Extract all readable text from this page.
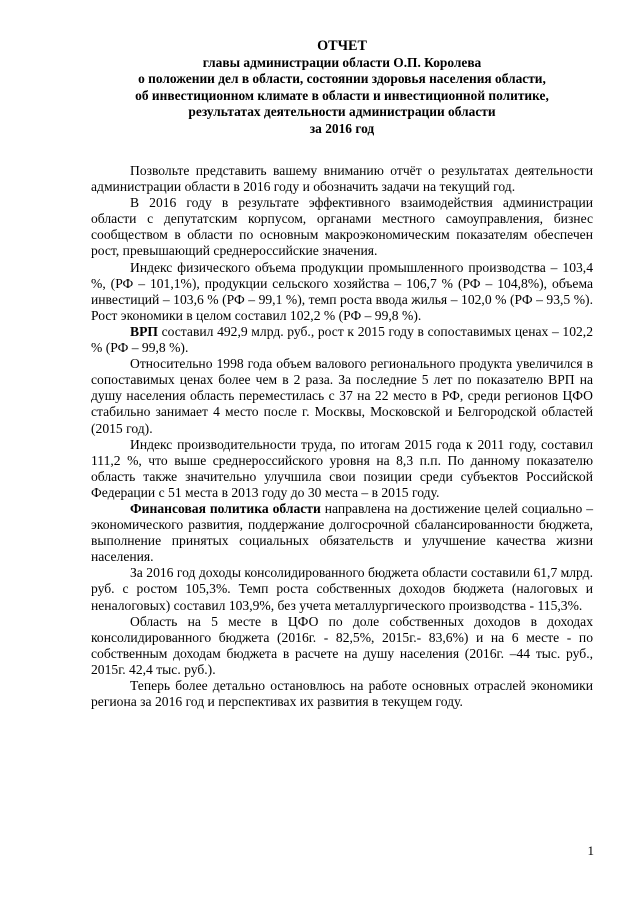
ОТЧЕТ
главы администрации области О.П. Королева
о положении дел в области, состоянии здоровья населения области,
об инвестиционном климате в области и инвестиционной политике,
результатах деятельности администрации области
за 2016 год

Позвольте представить вашему вниманию отчёт о результатах деятельности администрации области в 2016 году и обозначить задачи на текущий год.

В 2016 году в результате эффективного взаимодействия администрации области с депутатским корпусом, органами местного самоуправления, бизнес сообществом в области по основным макроэкономическим показателям обеспечен рост, превышающий среднероссийские значения.

Индекс физического объема продукции промышленного производства – 103,4 %, (РФ – 101,1%), продукции сельского хозяйства – 106,7 % (РФ – 104,8%), объема инвестиций – 103,6 % (РФ – 99,1 %), темп роста ввода жилья – 102,0 % (РФ – 93,5 %). Рост экономики в целом составил 102,2 % (РФ – 99,8 %).

ВРП составил 492,9 млрд. руб., рост к 2015 году в сопоставимых ценах – 102,2 % (РФ – 99,8 %).

Относительно 1998 года объем валового регионального продукта увеличился в сопоставимых ценах более чем в 2 раза. За последние 5 лет по показателю ВРП на душу населения область переместилась с 37 на 22 место в РФ, среди регионов ЦФО стабильно занимает 4 место после г. Москвы, Московской и Белгородской областей (2015 год).

Индекс производительности труда, по итогам 2015 года к 2011 году, составил 111,2 %, что выше среднероссийского уровня на 8,3 п.п. По данному показателю область также значительно улучшила свои позиции среди субъектов Российской Федерации с 51 места в 2013 году до 30 места – в 2015 году.

Финансовая политика области направлена на достижение целей социально – экономического развития, поддержание долгосрочной сбалансированности бюджета, выполнение принятых социальных обязательств и улучшение качества жизни населения.

За 2016 год доходы консолидированного бюджета области составили 61,7 млрд. руб. с ростом 105,3%. Темп роста собственных доходов бюджета (налоговых и неналоговых) составил 103,9%, без учета металлургического производства - 115,3%.

Область на 5 месте в ЦФО по доле собственных доходов в доходах консолидированного бюджета (2016г. - 82,5%, 2015г.- 83,6%) и на 6 месте - по собственным доходам бюджета в расчете на душу населения (2016г. –44 тыс. руб., 2015г. 42,4 тыс. руб.).

Теперь более детально остановлюсь на работе основных отраслей экономики региона за 2016 год и перспективах их развития в текущем году.

1
